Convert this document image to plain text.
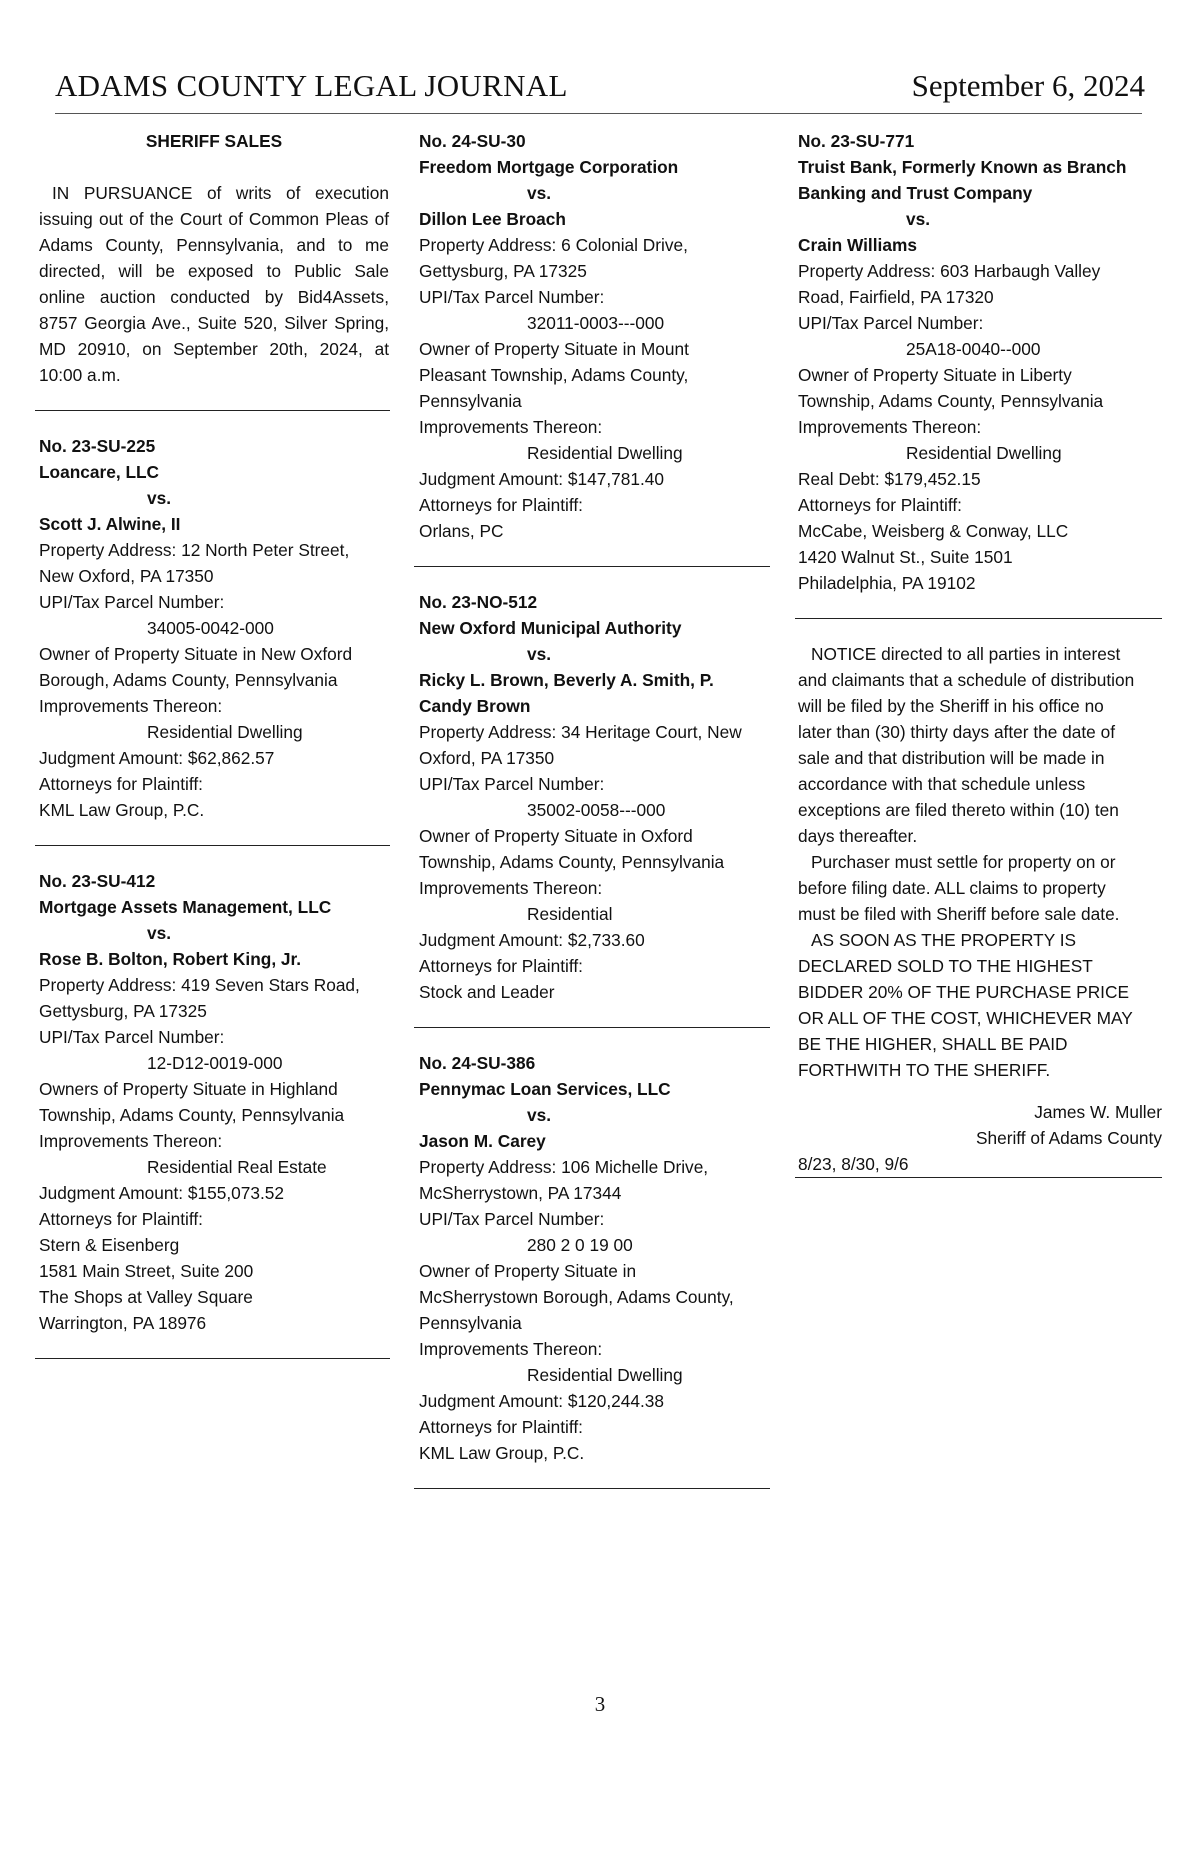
ADAMS COUNTY LEGAL JOURNAL	September 6, 2024

SHERIFF SALES

IN PURSUANCE of writs of execution issuing out of the Court of Common Pleas of Adams County, Pennsylvania, and to me directed, will be exposed to Public Sale online auction conducted by Bid4Assets, 8757 Georgia Ave., Suite 520, Silver Spring, MD 20910, on September 20th, 2024, at 10:00 a.m.

No. 23-SU-225

Loancare, LLC

vs.

Scott J. Alwine, II

Property Address: 12 North Peter Street,

New Oxford, PA 17350

UPI/Tax Parcel Number:

34005-0042-000

Owner of Property Situate in New Oxford

Borough, Adams County, Pennsylvania

Improvements Thereon:

Residential Dwelling

Judgment Amount: $62,862.57

Attorneys for Plaintiff:

KML Law Group, P.C.

No. 23-SU-412

Mortgage Assets Management, LLC

vs.

Rose B. Bolton, Robert King, Jr.

Property Address: 419 Seven Stars Road,

Gettysburg, PA 17325

UPI/Tax Parcel Number:

12-D12-0019-000

Owners of Property Situate in Highland

Township, Adams County, Pennsylvania

Improvements Thereon:

Residential Real Estate

Judgment Amount: $155,073.52

Attorneys for Plaintiff:

Stern & Eisenberg

1581 Main Street, Suite 200

The Shops at Valley Square

Warrington, PA 18976

No. 24-SU-30

Freedom Mortgage Corporation

vs.

Dillon Lee Broach

Property Address: 6 Colonial Drive,

Gettysburg, PA 17325

UPI/Tax Parcel Number:

32011-0003---000

Owner of Property Situate in Mount

Pleasant Township, Adams County,

Pennsylvania

Improvements Thereon:

Residential Dwelling

Judgment Amount: $147,781.40

Attorneys for Plaintiff:

Orlans, PC

No. 23-NO-512

New Oxford Municipal Authority

vs.

Ricky L. Brown, Beverly A. Smith, P. Candy Brown

Property Address: 34 Heritage Court, New

Oxford, PA 17350

UPI/Tax Parcel Number:

35002-0058---000

Owner of Property Situate in Oxford

Township, Adams County, Pennsylvania

Improvements Thereon:

Residential

Judgment Amount: $2,733.60

Attorneys for Plaintiff:

Stock and Leader

No. 24-SU-386

Pennymac Loan Services, LLC

vs.

Jason M. Carey

Property Address: 106 Michelle Drive,

McSherrystown, PA 17344

UPI/Tax Parcel Number:

280 2 0 19 00

Owner of Property Situate in

McSherrystown Borough, Adams County,

Pennsylvania

Improvements Thereon:

Residential Dwelling

Judgment Amount: $120,244.38

Attorneys for Plaintiff:

KML Law Group, P.C.

No. 23-SU-771

Truist Bank, Formerly Known as Branch Banking and Trust Company

vs.

Crain Williams

Property Address: 603 Harbaugh Valley

Road, Fairfield, PA 17320

UPI/Tax Parcel Number:

25A18-0040--000

Owner of Property Situate in Liberty

Township, Adams County, Pennsylvania

Improvements Thereon:

Residential Dwelling

Real Debt: $179,452.15

Attorneys for Plaintiff:

McCabe, Weisberg & Conway, LLC

1420 Walnut St., Suite 1501

Philadelphia, PA 19102

NOTICE directed to all parties in interest

and claimants that a schedule of distribution

will be filed by the Sheriff in his office no

later than (30) thirty days after the date of

sale and that distribution will be made in

accordance with that schedule unless

exceptions are filed thereto within (10) ten

days thereafter.

Purchaser must settle for property on or

before filing date. ALL claims to property

must be filed with Sheriff before sale date.

AS SOON AS THE PROPERTY IS

DECLARED SOLD TO THE HIGHEST

BIDDER 20% OF THE PURCHASE PRICE

OR ALL OF THE COST, WHICHEVER MAY

BE THE HIGHER, SHALL BE PAID

FORTHWITH TO THE SHERIFF.

James W. Muller

Sheriff of Adams County

8/23, 8/30, 9/6

3
